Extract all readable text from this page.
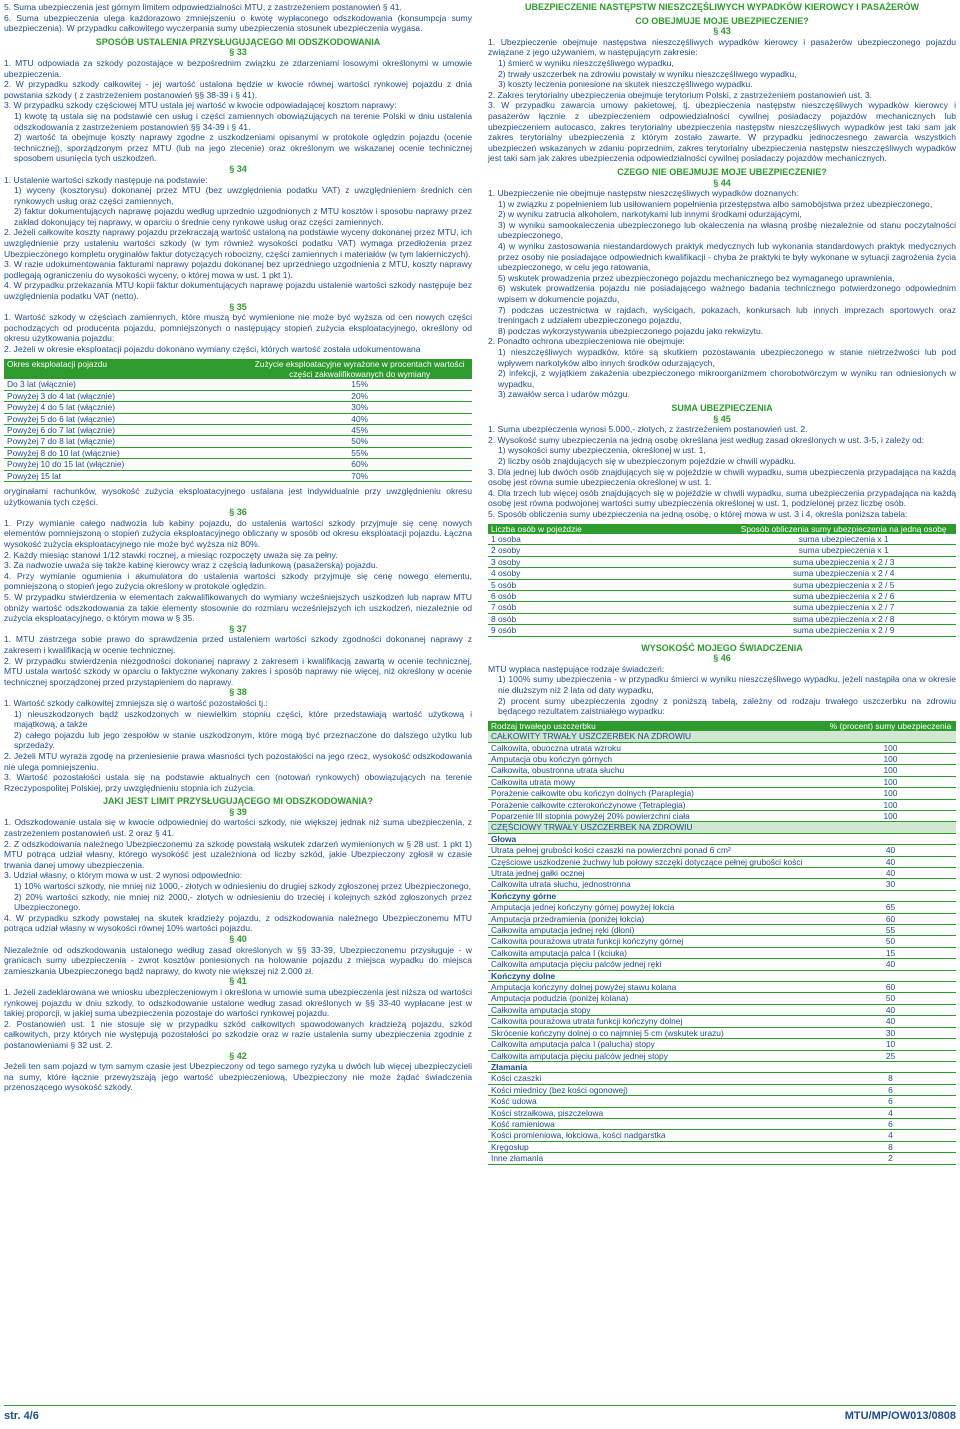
5. Suma ubezpieczenia jest górnym limitem odpowiedzialności MTU, z zastrzeżeniem postanowień § 41.

6. Suma ubezpieczenia ulega każdorazowo zmniejszeniu o kwotę wypłaconego odszkodowania (konsumpcja sumy ubezpieczenia). W przypadku całkowitego wyczerpania sumy ubezpieczenia stosunek ubezpieczenia wygasa.

SPOSÓB USTALENIA PRZYSŁUGUJĄCEGO MI ODSZKODOWANIA
§ 33

1. MTU odpowiada za szkody pozostające w bezpośrednim związku ze zdarzeniami losowymi określonymi w umowie ubezpieczenia.

2. W przypadku szkody całkowitej - jej wartość ustalona będzie w kwocie równej wartości rynkowej pojazdu z dnia powstania szkody ( z zastrzeżeniem postanowień §§ 38-39 i § 41).

3. W przypadku szkody częściowej MTU ustala jej wartość w kwocie odpowiadającej kosztom naprawy:

1) kwotę tą ustala się na podstawie cen usług i części zamiennych obowiązujących na terenie Polski w dniu ustalenia odszkodowania z zastrzeżeniem postanowień §§ 34-39 i § 41.

2) wartość ta obejmuje koszty naprawy zgodne z uszkodzeniami opisanymi w protokole oględzin pojazdu (ocenie technicznej), sporządzonym przez MTU (lub na jego zlecenie) oraz określonym we wskazanej ocenie technicznej sposobem usunięcia tych uszkodzeń.

§ 34

1. Ustalenie wartości szkody następuje na podstawie:

1) wyceny (kosztorysu) dokonanej przez MTU (bez uwzględnienia podatku VAT) z uwzględnieniem średnich cen rynkowych usług oraz części zamiennych,

2) faktur dokumentujących naprawę pojazdu według uprzednio uzgodnionych z MTU kosztów i sposobu naprawy przez zakład dokonujący tej naprawy, w oparciu o średnie ceny rynkowe usług oraz części zamiennych.

2. Jeżeli całkowite koszty naprawy pojazdu przekraczają wartość ustaloną na podstawie wyceny dokonanej przez MTU, ich uwzględnienie przy ustaleniu wartości szkody (w tym również wysokości podatku VAT) wymaga przedłożenia przez Ubezpieczonego kompletu oryginałów faktur dotyczących robocizny, części zamiennych i materiałów (w tym lakierniczych).

3. W razie udokumentowania fakturami naprawy pojazdu dokonanej bez uprzedniego uzgodnienia z MTU, koszty naprawy podlegają ograniczeniu do wysokości wyceny, o której mowa w ust. 1 pkt 1).

4. W przypadku przekazania MTU kopii faktur dokumentujących naprawę pojazdu ustalenie wartości szkody następuje bez uwzględnienia podatku VAT (netto).

§ 35

1. Wartość szkody w częściach zamiennych, które muszą być wymienione nie może być wyższa od cen nowych części pochodzących od producenta pojazdu, pomniejszonych o następujący stopień zużycia eksploatacyjnego, określony od okresu użytkowania pojazdu:

2. Jeżeli w okresie eksploatacji pojazdu dokonano wymiany części, których wartość została udokumentowana

Okres eksploatacji pojazdu	Zużycie eksploatacyjne wyrażone w procentach wartości części zakwalifikowanych do wymiany
Do 3 lat (włącznie)	15%
Powyżej 3 do 4 lat (włącznie)	20%
Powyżej 4 do 5 lat (włącznie)	30%
Powyżej 5 do 6 lat (włącznie)	40%
Powyżej 6 do 7 lat (włącznie)	45%
Powyżej 7 do 8 lat (włącznie)	50%
Powyżej 8 do 10 lat (włącznie)	55%
Powyżej 10 do 15 lat (włącznie)	60%
Powyżej 15 lat	70%

oryginałami rachunków, wysokość zużycia eksploatacyjnego ustalana jest indywidualnie przy uwzględnieniu okresu użytkowania tych części.

§ 36

1. Przy wymianie całego nadwozia lub kabiny pojazdu, do ustalenia wartości szkody przyjmuje się cenę nowych elementów pomniejszoną o stopień zużycia eksploatacyjnego obliczany w sposób od okresu eksploatacji pojazdu. Łączna wysokość zużycia eksploatacyjnego nie może być wyższa niż 80%.

2. Każdy miesiąc stanowi 1/12 stawki rocznej, a miesiąc rozpoczęty uważa się za pełny.

3. Za nadwozie uważa się także kabinę kierowcy wraz z częścią ładunkową (pasażerską) pojazdu.

4. Przy wymianie ogumienia i akumulatora do ustalenia wartości szkody przyjmuje się cenę nowego elementu, pomniejszoną o stopień jego zużycia określony w protokole oględzin.

5. W przypadku stwierdzenia w elementach zakwalifikowanych do wymiany wcześniejszych uszkodzeń lub napraw MTU obniży wartość odszkodowania za takie elementy stosownie do rozmiaru wcześniejszych ich uszkodzeń, niezależnie od zużycia eksploatacyjnego, o którym mowa w § 35.

§ 37

1. MTU zastrzega sobie prawo do sprawdzenia przed ustaleniem wartości szkody zgodności dokonanej naprawy z zakresem i kwalifikacją w ocenie technicznej.

2. W przypadku stwierdzenia niezgodności dokonanej naprawy z zakresem i kwalifikacją zawartą w ocenie technicznej, MTU ustala wartość szkody w oparciu o faktyczne wykonany zakres i sposób naprawy nie więcej, niż określony w ocenie technicznej sporządzonej przed przystąpieniem do naprawy.

§ 38

1. Wartość szkody całkowitej zmniejsza się o wartość pozostałości tj.:

1) nieuszkodzonych bądź uszkodzonych w niewielkim stopniu części, które przedstawiają wartość użytkową i majątkową, a także

2) całego pojazdu lub jego zespołów w stanie uszkodzonym, które mogą być przeznaczone do dalszego użytku lub sprzedaży.

2. Jeżeli MTU wyraża zgodę na przeniesienie prawa własności tych pozostałości na jego rzecz, wysokość odszkodowania nie ulega pomniejszeniu.

3. Wartość pozostałości ustala się na podstawie aktualnych cen (notowań rynkowych) obowiązujących na terenie Rzeczypospolitej Polskiej, przy uwzględnieniu stopnia ich zużycia.

JAKI JEST LIMIT PRZYSŁUGUJĄCEGO MI ODSZKODOWANIA?
§ 39

1. Odszkodowanie ustala się w kwocie odpowiedniej do wartości szkody, nie większej jednak niż suma ubezpieczenia, z zastrzeżeniem postanowień ust. 2 oraz § 41.

2. Z odszkodowania należnego Ubezpieczonemu za szkodę powstałą wskutek zdarzeń wymienionych w § 28 ust. 1 pkt 1) MTU potrąca udział własny, którego wysokość jest uzależniona od liczby szkód, jakie Ubezpieczony zgłosił w czasie trwania danej umowy ubezpieczenia.

3. Udział własny, o którym mowa w ust. 2 wynosi odpowiednio:

1) 10% wartości szkody, nie mniej niż 1000,- złotych w odniesieniu do drugiej szkody zgłoszonej przez Ubezpieczonego,

2) 20% wartości szkody, nie mniej niż 2000,- złotych w odniesieniu do trzeciej i kolejnych szkód zgłoszonych przez Ubezpieczonego.

4. W przypadku szkody powstałej na skutek kradzieży pojazdu, z odszkodowania należnego Ubezpieczonemu MTU potrąca udział własny w wysokości równej 10% wartości pojazdu.

§ 40

Niezależnie od odszkodowania ustalonego według zasad określonych w §§ 33-39, Ubezpieczonemu przysługuje - w granicach sumy ubezpieczenia - zwrot kosztów poniesionych na holowanie pojazdu z miejsca wypadku do miejsca zamieszkania Ubezpieczonego bądź naprawy, do kwoty nie większej niż 2.000 zł.

§ 41

1. Jeżeli zadeklarowana we wniosku ubezpieczeniowym i określona w umowie suma ubezpieczenia jest niższa od wartości rynkowej pojazdu w dniu szkody, to odszkodowanie ustalone według zasad określonych w §§ 33-40 wypłacane jest w takiej proporcji, w jakiej suma ubezpieczenia pozostaje do wartości rynkowej pojazdu.

2. Postanowień ust. 1 nie stosuje się w przypadku szkód całkowitych spowodowanych kradzieżą pojazdu, szkód całkowitych, przy których nie występują pozostałości po szkodzie oraz w razie ustalenia sumy ubezpieczenia zgodnie z postanowieniami § 32 ust. 2.

§ 42

Jeżeli ten sam pojazd w tym samym czasie jest Ubezpieczony od tego samego ryzyka u dwóch lub więcej ubezpieczycieli na sumy, które łącznie przewyższają jego wartość ubezpieczeniową, Ubezpieczony nie może żądać świadczenia przenoszącego wysokość szkody.

UBEZPIECZENIE NASTĘPSTW NIESZCZĘŚLIWYCH WYPADKÓW KIEROWCY I PASAŻERÓW
CO OBEJMUJE MOJE UBEZPIECZENIE?
§ 43

1. Ubezpieczenie obejmuje następstwa nieszczęśliwych wypadków kierowcy i pasażerów ubezpieczonego pojazdu związane z jego używaniem, w następującym zakresie:

1) śmierć w wyniku nieszczęśliwego wypadku,

2) trwały uszczerbek na zdrowiu powstały w wyniku nieszczęśliwego wypadku,

3) koszty leczenia poniesione na skutek nieszczęśliwego wypadku.

2. Zakres terytorialny ubezpieczenia obejmuje terytorium Polski, z zastrzeżeniem postanowień ust. 3.

3. W przypadku zawarcia umowy pakietowej, tj. ubezpieczenia następstw nieszczęśliwych wypadków kierowcy i pasażerów łącznie z ubezpieczeniem odpowiedzialności cywilnej posiadaczy pojazdów mechanicznych lub ubezpieczeniem autocasco, zakres terytorialny ubezpieczenia następstw nieszczęśliwych wypadków jest taki sam jak zakres terytorialny ubezpieczenia z którym zostało zawarte. W przypadku jednoczesnego zawarcia wszystkich ubezpieczeń wskazanych w zdaniu poprzednim, zakres terytorialny ubezpieczenia następstw nieszczęśliwych wypadków jest taki sam jak zakres ubezpieczenia odpowiedzialności cywilnej posiadaczy pojazdów mechanicznych.

CZEGO NIE OBEJMUJE MOJE UBEZPIECZENIE?
§ 44

1. Ubezpieczenie nie obejmuje następstw nieszczęśliwych wypadków doznanych:

1) w związku z popełnieniem lub usiłowaniem popełnienia przestępstwa albo samobójstwa przez ubezpieczonego,

2) w wyniku zatrucia alkoholem, narkotykami lub innymi środkami odurzającymi,

3) w wyniku samookaleczenia ubezpieczonego lub okaleczenia na własną prośbę niezależnie od stanu poczytalności ubezpieczonego,

4) w wyniku zastosowania niestandardowych praktyk medycznych lub wykonania standardowych praktyk medycznych przez osoby nie posiadające odpowiednich kwalifikacji - chyba że praktyki te były wykonane w sytuacji zagrożenia życia ubezpieczonego, w celu jego ratowania,

5) wskutek prowadzenia przez ubezpieczonego pojazdu mechanicznego bez wymaganego uprawnienia,

6) wskutek prowadzenia pojazdu nie posiadającego ważnego badania technicznego potwierdzonego odpowiednim wpisem w dokumencie pojazdu,

7) podczas uczestnictwa w rajdach, wyścigach, pokazach, konkursach lub innych imprezach sportowych oraz treningach z udziałem ubezpieczonego pojazdu,

8) podczas wykorzystywania ubezpieczonego pojazdu jako rekwizytu.

2. Ponadto ochrona ubezpieczeniowa nie obejmuje:

1) nieszczęśliwych wypadków, które są skutkiem pozostawania ubezpieczonego w stanie nietrzeźwości lub pod wpływem narkotyków albo innych środków odurzających,

2) infekcji, z wyjątkiem zakażenia ubezpieczonego mikroorganizmem chorobotwórczym w wyniku ran odniesionych w wypadku,

3) zawałów serca i udarów mózgu.

SUMA UBEZPIECZENIA
§ 45

1. Suma ubezpieczenia wynosi 5.000,- złotych, z zastrzeżeniem postanowień ust. 2.

2. Wysokość sumy ubezpieczenia na jedną osobę określana jest według zasad określonych w ust. 3-5, i zależy od:

1) wysokości sumy ubezpieczenia, określonej w ust. 1,

2) liczby osób znajdujących się w ubezpieczonym pojeździe w chwili wypadku.

3. Dla jednej lub dwóch osób znajdujących się w pojeździe w chwili wypadku, suma ubezpieczenia przypadająca na każdą osobę jest równa sumie ubezpieczenia określonej w ust. 1.

4. Dla trzech lub więcej osób znajdujących się w pojeździe w chwili wypadku, suma ubezpieczenia przypadająca na każdą osobę jest równa podwojonej wartości sumy ubezpieczenia określonej w ust. 1, podzielonej przez liczbę osób.

5. Sposób obliczenia sumy ubezpieczenia na jedną osobę, o której mowa w ust. 3 i 4, określa poniższa tabela:

Liczba osób w pojeździe	Sposób obliczenia sumy ubezpieczenia na jedną osobę
1 osoba	suma ubezpieczenia x 1
2 osoby	suma ubezpieczenia x 1
3 osoby	suma ubezpieczenia x 2 / 3
4 osoby	suma ubezpieczenia x 2 / 4
5 osób	suma ubezpieczenia x 2 / 5
6 osób	suma ubezpieczenia x 2 / 6
7 osób	suma ubezpieczenia x 2 / 7
8 osób	suma ubezpieczenia x 2 / 8
9 osób	suma ubezpieczenia x 2 / 9
WYSOKOŚĆ MOJEGO ŚWIADCZENIA
§ 46

MTU wypłaca następujące rodzaje świadczeń:

1) 100% sumy ubezpieczenia - w przypadku śmierci w wyniku nieszczęśliwego wypadku, jeżeli nastąpiła ona w okresie nie dłuższym niż 2 lata od daty wypadku,

2) procent sumy ubezpieczenia zgodny z poniższą tabelą, zależny od rodzaju trwałego uszczerbku na zdrowiu będącego rezultatem zaistniałego wypadku:

Rodzaj trwałego uszczerbku	% (procent) sumy ubezpieczenia
CAŁKOWITY TRWAŁY USZCZERBEK NA ZDROWIU	
Całkowita, obuoczna utrata wzroku	100
Amputacja obu kończyn górnych	100
Całkowita, obustronna utrata słuchu	100
Całkowita utrata mowy	100
Porażenie całkowite obu kończyn dolnych (Paraplegia)	100
Porażenie całkowite czterokończynowe (Tetraplegia)	100
Poparzenie III stopnia powyżej 20% powierzchni ciała	100
CZĘŚCIOWY TRWAŁY USZCZERBEK NA ZDROWIU	
Głowa	
Utrata pełnej grubości kości czaszki na powierzchni ponad 6 cm²	40
Częściowe uszkodzenie żuchwy lub połowy szczęki dotyczące pełnej grubości kości	40
Utrata jednej gałki ocznej	40
Całkowita utrata słuchu, jednostronna	30
Kończyny górne	
Amputacja jednej kończyny górnej powyżej łokcia	65
Amputacja przedramienia (poniżej łokcia)	60
Całkowita amputacja jednej ręki (dłoni)	55
Całkowita pourazowa utrata funkcji kończyny górnej	50
Całkowita amputacja palca I (kciuka)	15
Całkowita amputacja pięciu palców jednej ręki	40
Kończyny dolne	
Amputacja kończyny dolnej powyżej stawu kolana	60
Amputacja podudzia (poniżej kolana)	50
Całkowita amputacja stopy	40
Całkowita pourazowa utrata funkcji kończyny dolnej	40
Skrócenie kończyny dolnej o co najmniej 5 cm (wskutek urazu)	30
Całkowita amputacja palca I (palucha) stopy	10
Całkowita amputacja pięciu palców jednej stopy	25
Złamania	
Kości czaszki	8
Kości miednicy (bez kości ogonowej)	6
Kość udowa	6
Kości strzałkowa, piszczelowa	4
Kość ramieniowa	6
Kości promieniowa, łokciowa, kości nadgarstka	4
Kręgosłup	8
Inne złamania	2
str. 4/6	MTU/MP/OW013/0808
